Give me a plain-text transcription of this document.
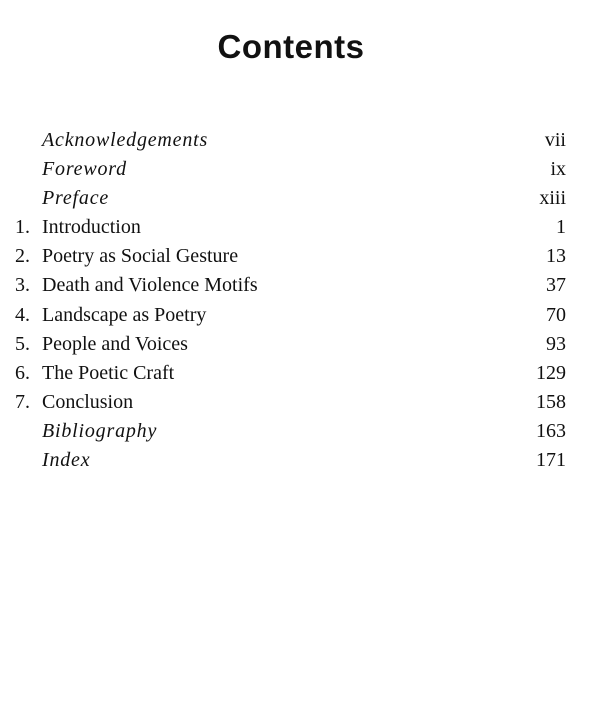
Contents
Acknowledgements	vii
Foreword	ix
Preface	xiii
1. Introduction	1
2. Poetry as Social Gesture	13
3. Death and Violence Motifs	37
4. Landscape as Poetry	70
5. People and Voices	93
6. The Poetic Craft	129
7. Conclusion	158
Bibliography	163
Index	171
